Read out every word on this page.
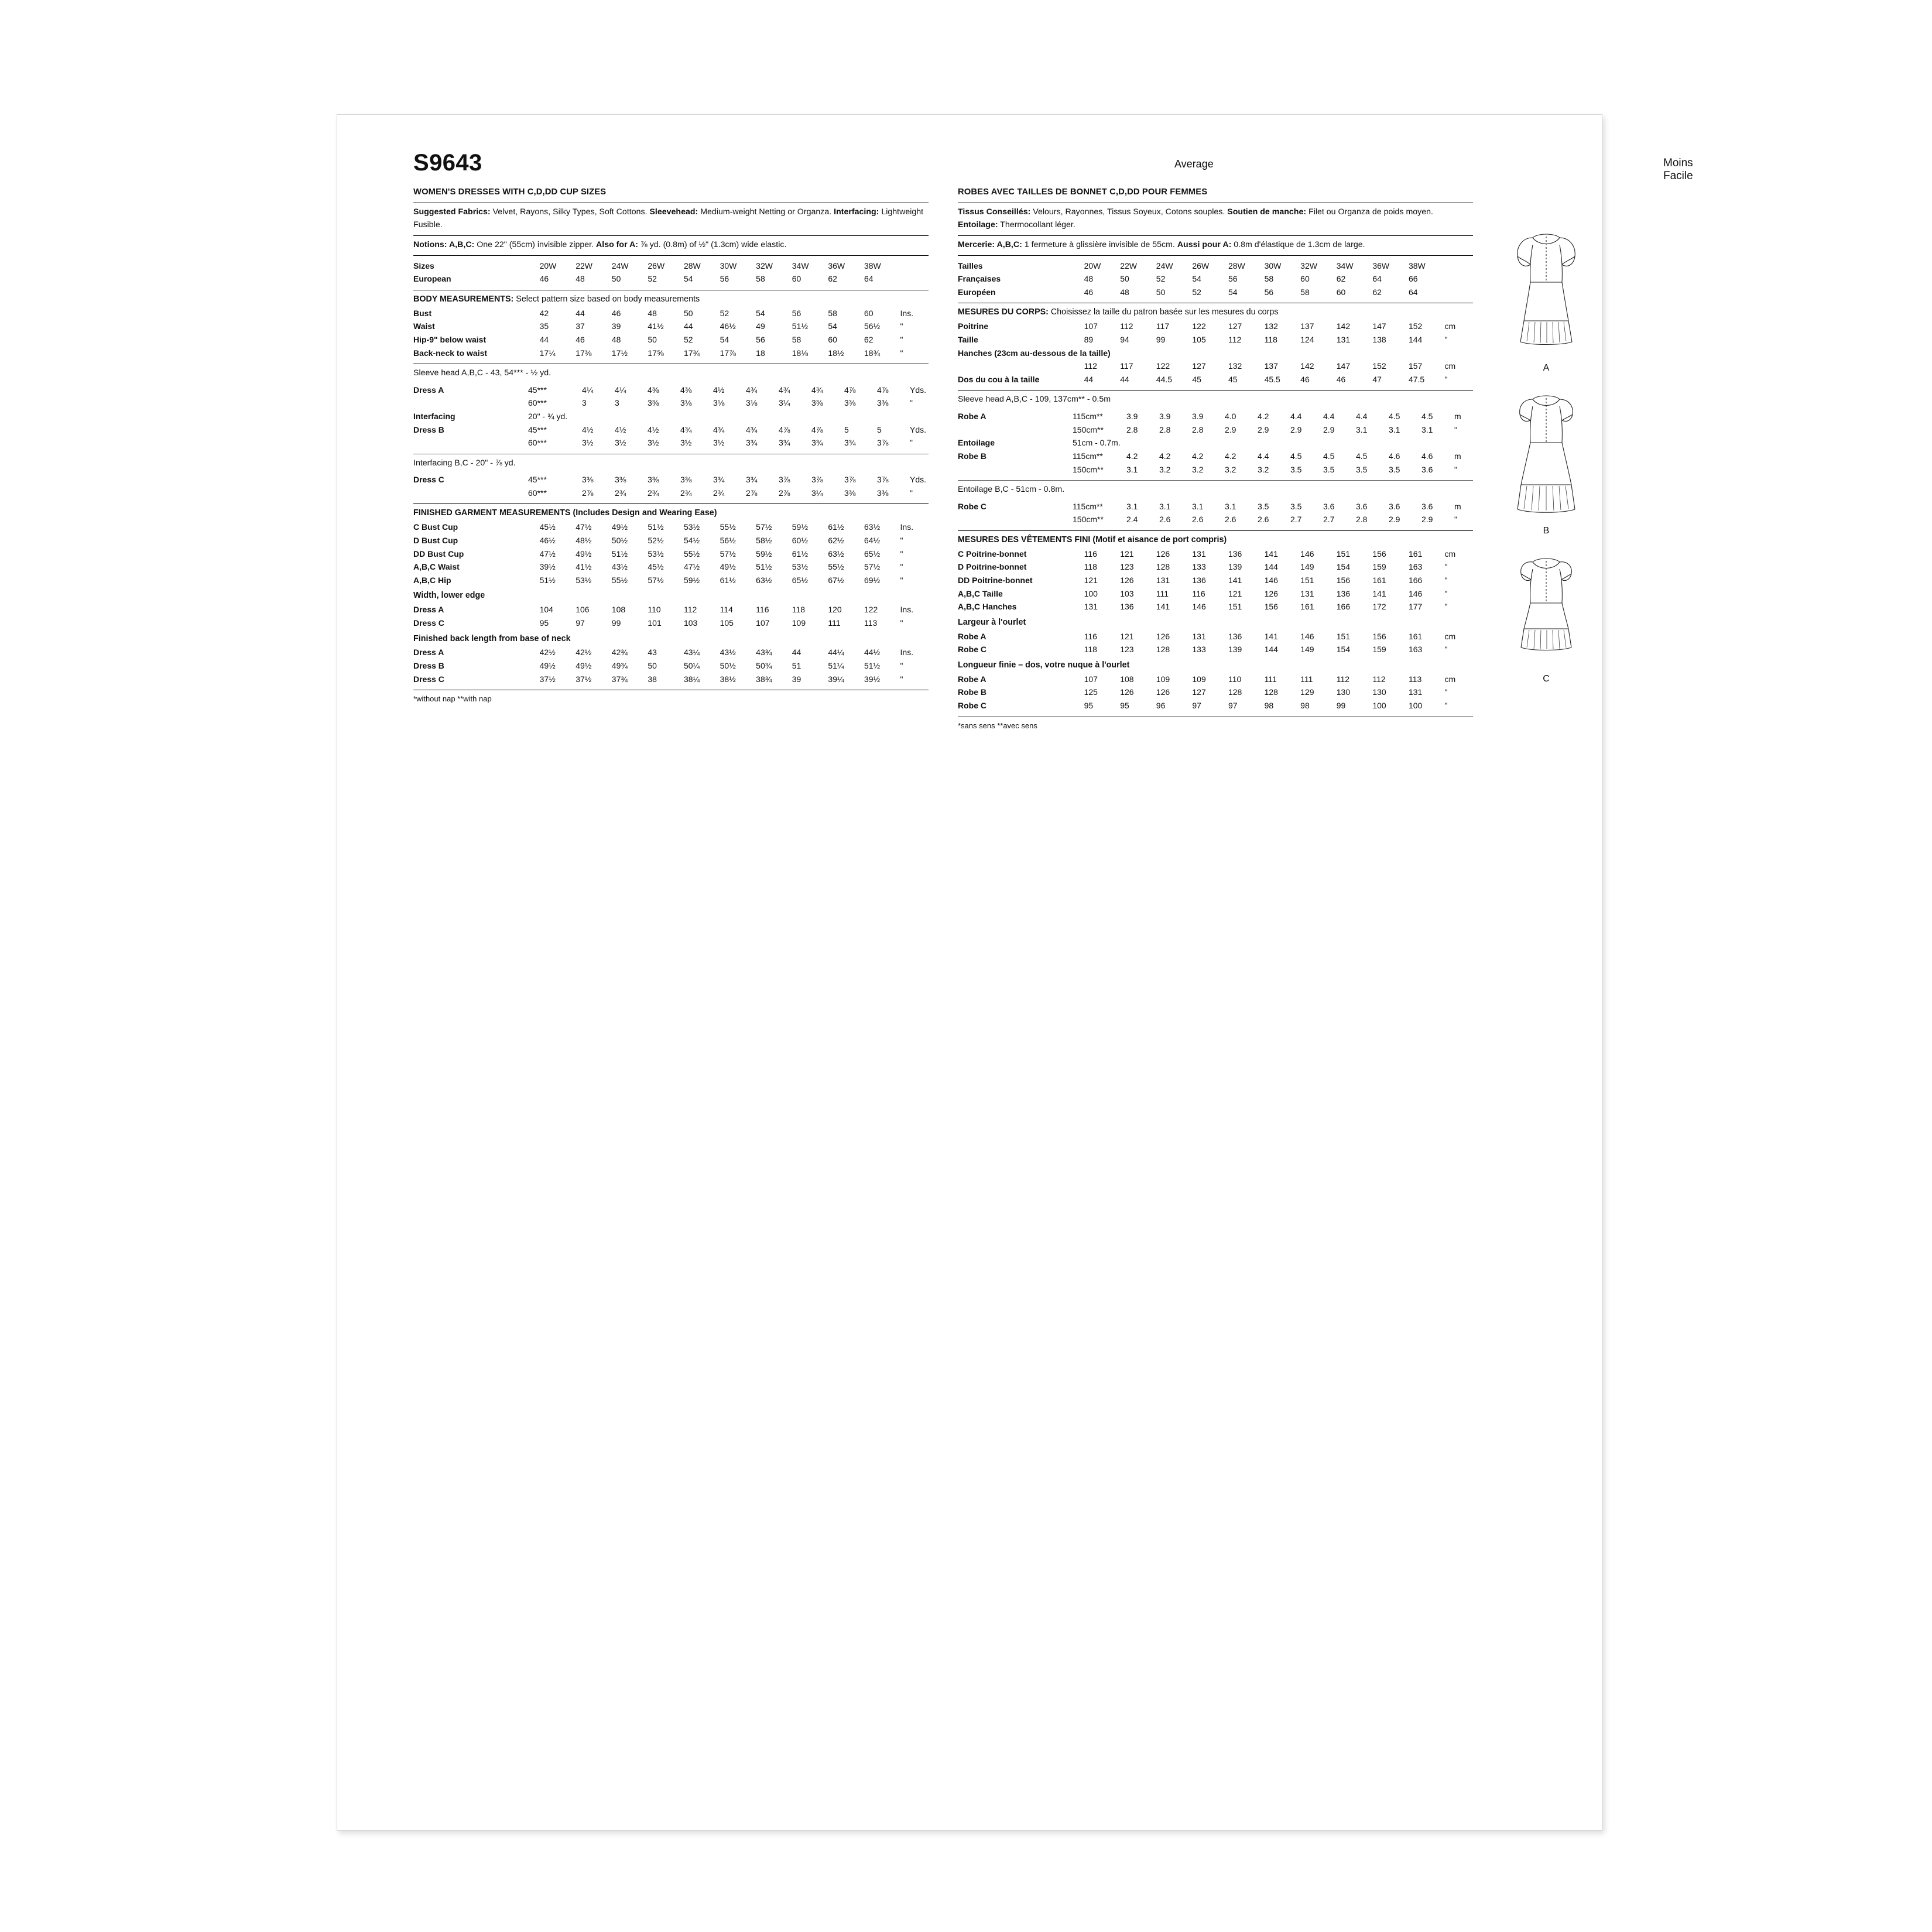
S9643	Average	Moins Facile
WOMEN'S DRESSES WITH C,D,DD CUP SIZES

Suggested Fabrics: Velvet, Rayons, Silky Types, Soft Cottons. Sleevehead: Medium-weight Netting or Organza. Interfacing: Lightweight Fusible.

Notions: A,B,C: One 22" (55cm) invisible zipper. Also for A: ⅞ yd. (0.8m) of ½" (1.3cm) wide elastic.

Sizes	20W	22W	24W	26W	28W	30W	32W	34W	36W	38W	
European	46	48	50	52	54	56	58	60	62	64	
BODY MEASUREMENTS: Select pattern size based on body measurements
Bust	42	44	46	48	50	52	54	56	58	60	Ins.
Waist	35	37	39	41½	44	46½	49	51½	54	56½	"
Hip-9" below waist	44	46	48	50	52	54	56	58	60	62	"
Back-neck to waist	17¼	17⅜	17½	17⅝	17¾	17⅞	18	18⅛	18½	18¾	"
Sleeve head A,B,C - 43, 54*** - ½ yd.
Dress A	45***	4¼	4¼	4⅜	4⅜	4½	4¾	4¾	4¾	4⅞	4⅞	Yds.
	60***	3	3	3⅜	3⅛	3⅛	3⅛	3¼	3⅜	3⅜	3⅜	"
Interfacing	20" - ¾ yd.											
Dress B	45***	4½	4½	4½	4¾	4¾	4¾	4⅞	4⅞	5	5	Yds.
	60***	3½	3½	3½	3½	3½	3¾	3¾	3¾	3¾	3⅞	"
Interfacing B,C - 20" - ⅞ yd.
Dress C	45***	3⅜	3⅜	3⅜	3⅜	3¾	3¾	3⅞	3⅞	3⅞	3⅞	Yds.
	60***	2⅞	2¾	2¾	2¾	2¾	2⅞	2⅞	3¼	3⅜	3⅜	"
FINISHED GARMENT MEASUREMENTS (Includes Design and Wearing Ease)
C Bust Cup	45½	47½	49½	51½	53½	55½	57½	59½	61½	63½	Ins.
D Bust Cup	46½	48½	50½	52½	54½	56½	58½	60½	62½	64½	"
DD Bust Cup	47½	49½	51½	53½	55½	57½	59½	61½	63½	65½	"
A,B,C Waist	39½	41½	43½	45½	47½	49½	51½	53½	55½	57½	"
A,B,C Hip	51½	53½	55½	57½	59½	61½	63½	65½	67½	69½	"
Width, lower edge
Dress A	104	106	108	110	112	114	116	118	120	122	Ins.
Dress C	95	97	99	101	103	105	107	109	111	113	"
Finished back length from base of neck
Dress A	42½	42½	42¾	43	43¼	43½	43¾	44	44¼	44½	Ins.
Dress B	49½	49½	49¾	50	50¼	50½	50¾	51	51¼	51½	"
Dress C	37½	37½	37¾	38	38¼	38½	38¾	39	39¼	39½	"
*without nap **with nap
ROBES AVEC TAILLES DE BONNET C,D,DD POUR FEMMES

Tissus Conseillés: Velours, Rayonnes, Tissus Soyeux, Cotons souples. Soutien de manche: Filet ou Organza de poids moyen. Entoilage: Thermocollant léger.

Mercerie: A,B,C: 1 fermeture à glissière invisible de 55cm. Aussi pour A: 0.8m d'élastique de 1.3cm de large.

Tailles	20W	22W	24W	26W	28W	30W	32W	34W	36W	38W	
Françaises	48	50	52	54	56	58	60	62	64	66	
Européen	46	48	50	52	54	56	58	60	62	64	
MESURES DU CORPS: Choisissez la taille du patron basée sur les mesures du corps
Poitrine	107	112	117	122	127	132	137	142	147	152	cm
Taille	89	94	99	105	112	118	124	131	138	144	"
Hanches (23cm au-dessous de la taille)											
	112	117	122	127	132	137	142	147	152	157	cm
Dos du cou à la taille	44	44	44.5	45	45	45.5	46	46	47	47.5	"
Sleeve head A,B,C - 109, 137cm** - 0.5m
Robe A	115cm**	3.9	3.9	3.9	4.0	4.2	4.4	4.4	4.4	4.5	4.5	m
	150cm**	2.8	2.8	2.8	2.9	2.9	2.9	2.9	3.1	3.1	3.1	"
Entoilage	51cm - 0.7m.											
Robe B	115cm**	4.2	4.2	4.2	4.2	4.4	4.5	4.5	4.5	4.6	4.6	m
	150cm**	3.1	3.2	3.2	3.2	3.2	3.5	3.5	3.5	3.5	3.6	"
Entoilage B,C - 51cm - 0.8m.
Robe C	115cm**	3.1	3.1	3.1	3.1	3.5	3.5	3.6	3.6	3.6	3.6	m
	150cm**	2.4	2.6	2.6	2.6	2.6	2.7	2.7	2.8	2.9	2.9	"
MESURES DES VÊTEMENTS FINI (Motif et aisance de port compris)
C Poitrine-bonnet	116	121	126	131	136	141	146	151	156	161	cm
D Poitrine-bonnet	118	123	128	133	139	144	149	154	159	163	"
DD Poitrine-bonnet	121	126	131	136	141	146	151	156	161	166	"
A,B,C Taille	100	103	111	116	121	126	131	136	141	146	"
A,B,C Hanches	131	136	141	146	151	156	161	166	172	177	"
Largeur à l'ourlet
Robe A	116	121	126	131	136	141	146	151	156	161	cm
Robe C	118	123	128	133	139	144	149	154	159	163	"
Longueur finie – dos, votre nuque à l'ourlet
Robe A	107	108	109	109	110	111	111	112	112	113	cm
Robe B	125	126	126	127	128	128	129	130	130	131	"
Robe C	95	95	96	97	97	98	98	99	100	100	"
*sans sens **avec sens
A
B
C
